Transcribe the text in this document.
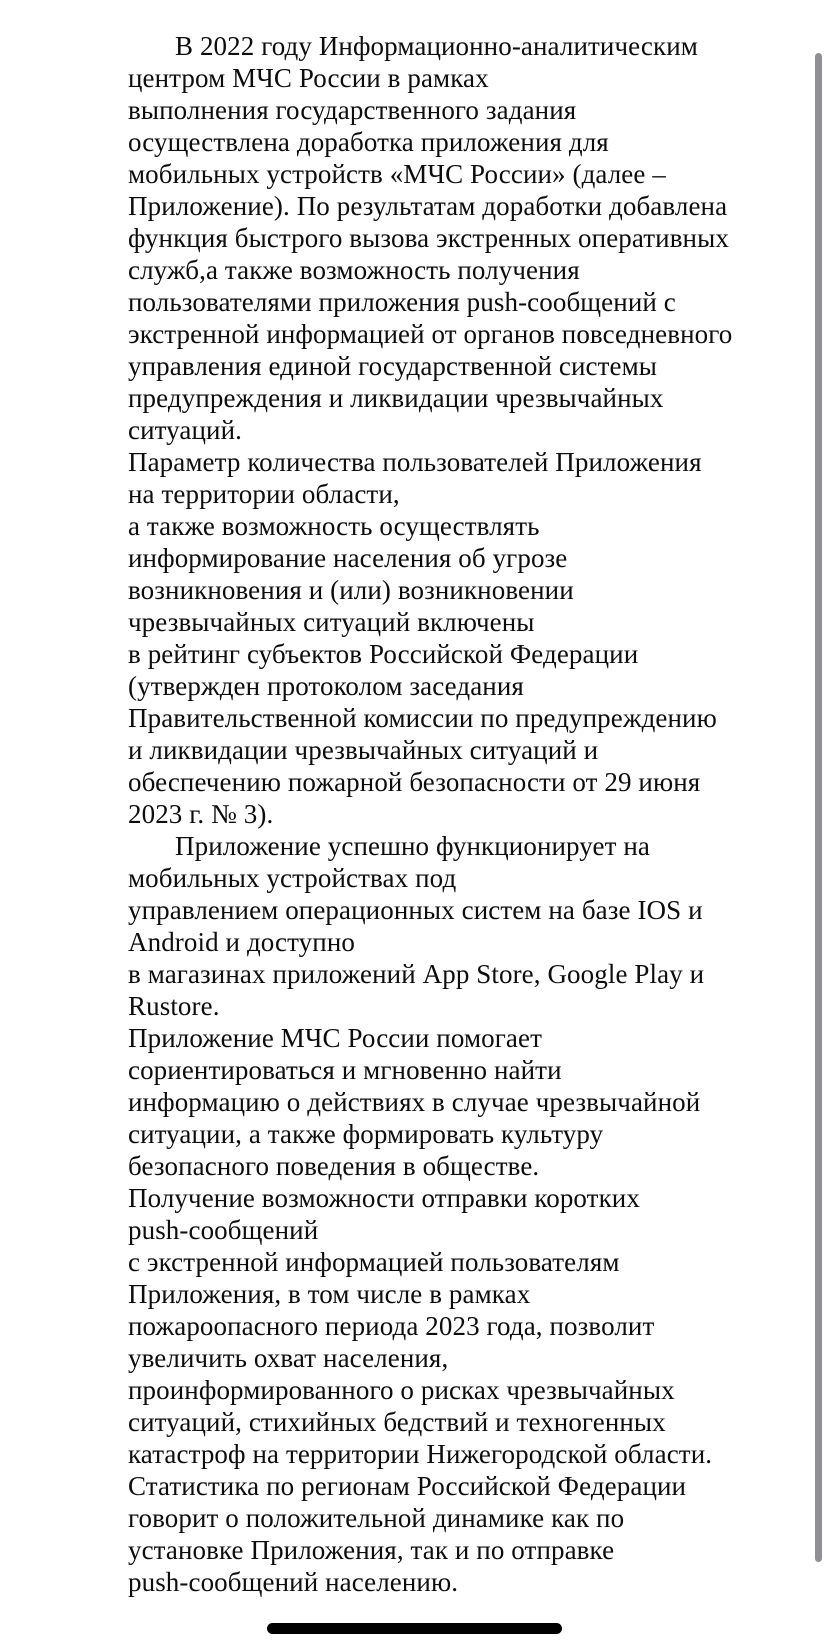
В 2022 году Информационно-аналитическим
центром МЧС России в рамках
выполнения государственного задания
осуществлена доработка приложения для
мобильных устройств «МЧС России» (далее –
Приложение). По результатам доработки добавлена
функция быстрого вызова экстренных оперативных
служб,а также возможность получения
пользователями приложения push-сообщений с
экстренной информацией от органов повседневного
управления единой государственной системы
предупреждения и ликвидации чрезвычайных
ситуаций.
Параметр количества пользователей Приложения
на территории области,
а также возможность осуществлять
информирование населения об угрозе
возникновения и (или) возникновении
чрезвычайных ситуаций включены
в рейтинг субъектов Российской Федерации
(утвержден протоколом заседания
Правительственной комиссии по предупреждению
и ликвидации чрезвычайных ситуаций и
обеспечению пожарной безопасности от 29 июня
2023 г. № 3).
Приложение успешно функционирует на
мобильных устройствах под
управлением операционных систем на базе IOS и
Android и доступно
в магазинах приложений App Store, Google Play и
Rustore.
Приложение МЧС России помогает
сориентироваться и мгновенно найти
информацию о действиях в случае чрезвычайной
ситуации, а также формировать культуру
безопасного поведения в обществе.
Получение возможности отправки коротких
push-сообщений
с экстренной информацией пользователям
Приложения, в том числе в рамках
пожароопасного периода 2023 года, позволит
увеличить охват населения,
проинформированного о рисках чрезвычайных
ситуаций, стихийных бедствий и техногенных
катастроф на территории Нижегородской области.
Статистика по регионам Российской Федерации
говорит о положительной динамике как по
установке Приложения, так и по отправке
push-сообщений населению.
